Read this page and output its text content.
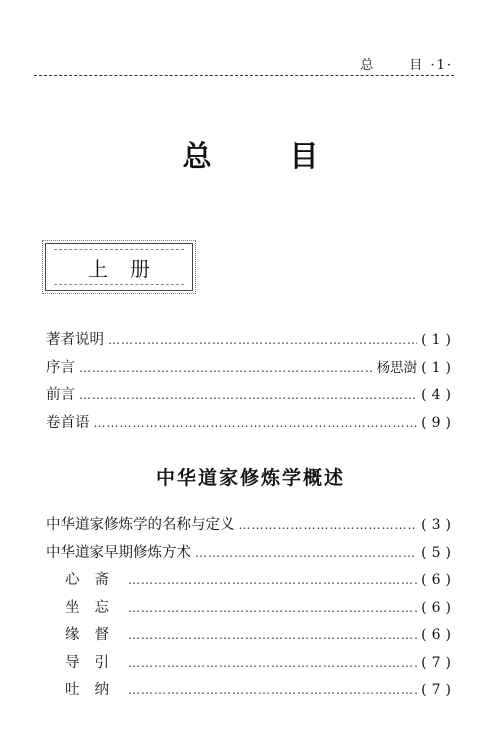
总	目 ·1·
总	目
上册
著者说明 ……………………………………………………………………………………………………………………………………………………………………	(1)
序言 ……………………………………………………………………………………………………………………………………………………………………	杨思澍 (1)
前言 ……………………………………………………………………………………………………………………………………………………………………	(4)
卷首语 ……………………………………………………………………………………………………………………………………………………………………	(9)
中华道家修炼学概述
中华道家修炼学的名称与定义 ……………………………………………………………………………………………………………………………………………………………………	(3)
中华道家早期修炼方术 ……………………………………………………………………………………………………………………………………………………………………	(5)
心斋 ……………………………………………………………………………………………………………………………………………………………………	(6)
坐忘 ……………………………………………………………………………………………………………………………………………………………………	(6)
缘督 ……………………………………………………………………………………………………………………………………………………………………	(6)
导引 ……………………………………………………………………………………………………………………………………………………………………	(7)
吐纳 ……………………………………………………………………………………………………………………………………………………………………	(7)
